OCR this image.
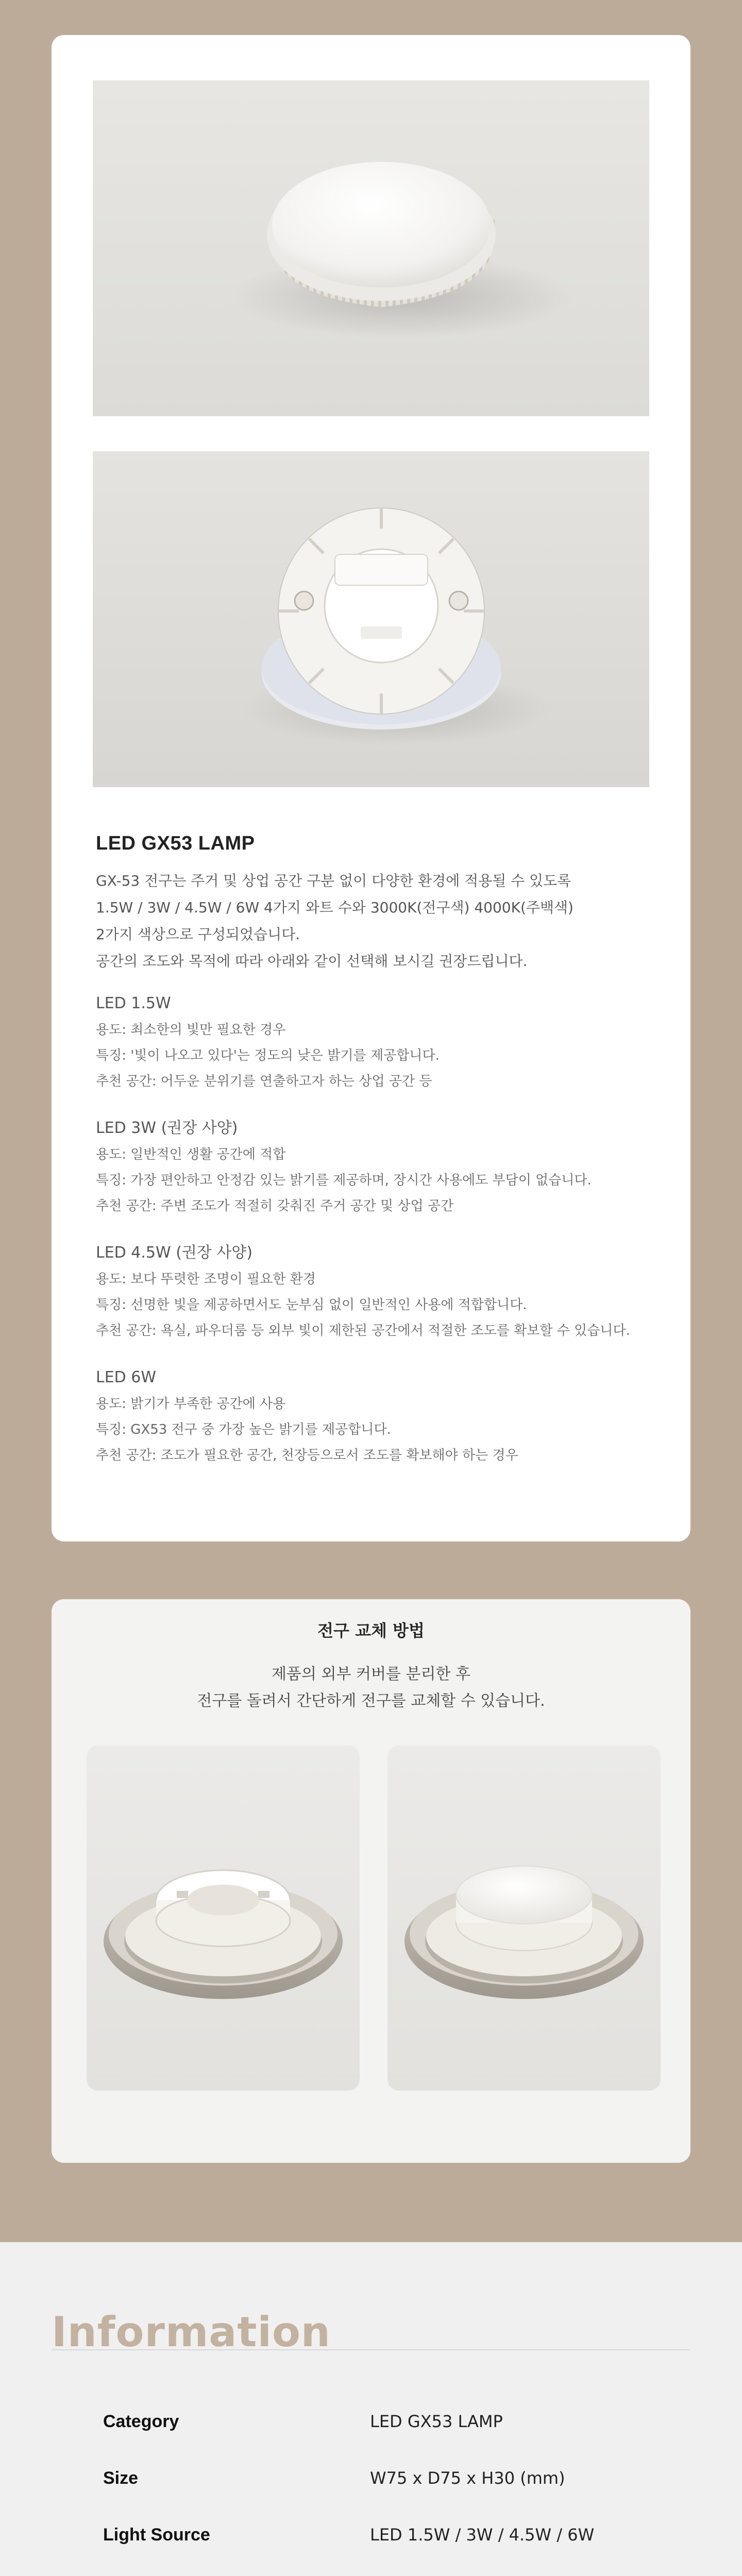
LED GX53 LAMP

GX-53 전구는 주거 및 상업 공간 구분 없이 다양한 환경에 적용될 수 있도록

1.5W / 3W / 4.5W / 6W 4가지 와트 수와 3000K(전구색) 4000K(주백색)

2가지 색상으로 구성되었습니다.

공간의 조도와 목적에 따라 아래와 같이 선택해 보시길 권장드립니다.

LED 1.5W

용도: 최소한의 빛만 필요한 경우

특징: '빛이 나오고 있다'는 정도의 낮은 밝기를 제공합니다.

추천 공간: 어두운 분위기를 연출하고자 하는 상업 공간 등

LED 3W (권장 사양)

용도: 일반적인 생활 공간에 적합

특징: 가장 편안하고 안정감 있는 밝기를 제공하며, 장시간 사용에도 부담이 없습니다.

추천 공간: 주변 조도가 적절히 갖춰진 주거 공간 및 상업 공간

LED 4.5W (권장 사양)

용도: 보다 뚜렷한 조명이 필요한 환경

특징: 선명한 빛을 제공하면서도 눈부심 없이 일반적인 사용에 적합합니다.

추천 공간: 욕실, 파우더룸 등 외부 빛이 제한된 공간에서 적절한 조도를 확보할 수 있습니다.

LED 6W

용도: 밝기가 부족한 공간에 사용

특징: GX53 전구 중 가장 높은 밝기를 제공합니다.

추천 공간: 조도가 필요한 공간, 천장등으로서 조도를 확보해야 하는 경우

전구 교체 방법

제품의 외부 커버를 분리한 후

전구를 돌려서 간단하게 전구를 교체할 수 있습니다.

Information
Category	LED GX53 LAMP
Size	W75 x D75 x H30 (mm)
Light Source	LED 1.5W / 3W / 4.5W / 6W
